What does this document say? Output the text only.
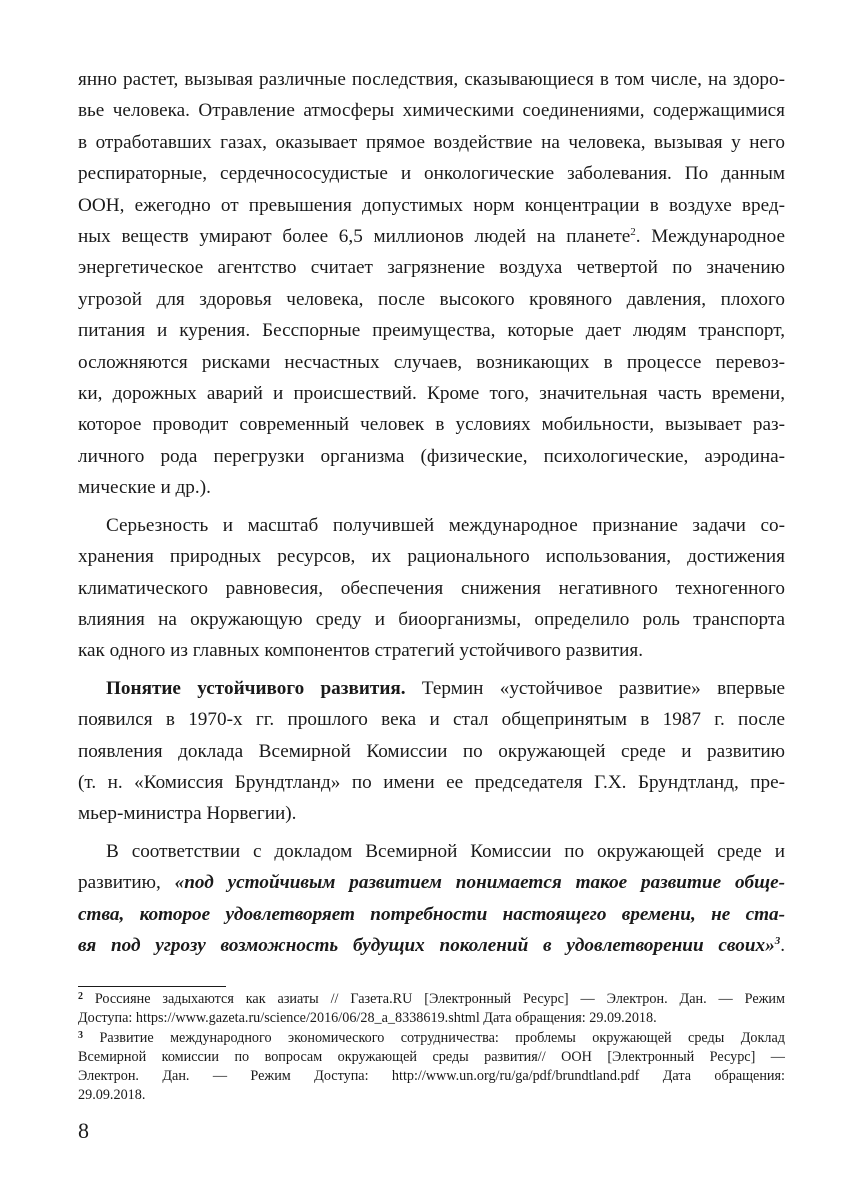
янно растет, вызывая различные последствия, сказывающиеся в том числе, на здоро-

вье человека. Отравление атмосферы химическими соединениями, содержащимися

в отработавших газах, оказывает прямое воздействие на человека, вызывая у него

респираторные, сердечнососудистые и онкологические заболевания. По данным

ООН, ежегодно от превышения допустимых норм концентрации в воздухе вред-

ных веществ умирают более 6,5 миллионов людей на планете$^2$. Международное

энергетическое агентство считает загрязнение воздуха четвертой по значению

угрозой для здоровья человека, после высокого кровяного давления, плохого

питания и курения. Бесспорные преимущества, которые дает людям транспорт,

осложняются рисками несчастных случаев, возникающих в процессе перевоз-

ки, дорожных аварий и происшествий. Кроме того, значительная часть времени,

которое проводит современный человек в условиях мобильности, вызывает раз-

личного рода перегрузки организма (физические, психологические, аэродина-

мические и др.).

Серьезность и масштаб получившей международное признание задачи со-

хранения природных ресурсов, их рационального использования, достижения

климатического равновесия, обеспечения снижения негативного техногенного

влияния на окружающую среду и биоорганизмы, определило роль транспорта

как одного из главных компонентов стратегий устойчивого развития.

Понятие устойчивого развития. Термин «устойчивое развитие» впервые

появился в 1970-х гг. прошлого века и стал общепринятым в 1987 г. после

появления доклада Всемирной Комиссии по окружающей среде и развитию

(т. н. «Комиссия Брундтланд» по имени ее председателя Г.Х. Брундтланд, пре-

мьер-министра Норвегии).

В соответствии с докладом Всемирной Комиссии по окружающей среде и

развитию, «под устойчивым развитием понимается такое развитие обще-

ства, которое удовлетворяет потребности настоящего времени, не ста-

вя под угрозу возможность будущих поколений в удовлетворении своих»$^3$.

$^2$ Россияне задыхаются как азиаты // Газета.RU [Электронный Ресурс] — Электрон. Дан. — Режим

Доступа: https://www.gazeta.ru/science/2016/06/28_a_8338619.shtml Дата обращения: 29.09.2018.

$^3$ Развитие международного экономического сотрудничества: проблемы окружающей среды Доклад

Всемирной комиссии по вопросам окружающей среды развития// ООН [Электронный Ресурс] —

Электрон. Дан. — Режим Доступа: http://www.un.org/ru/ga/pdf/brundtland.pdf Дата обращения:

29.09.2018.

8
